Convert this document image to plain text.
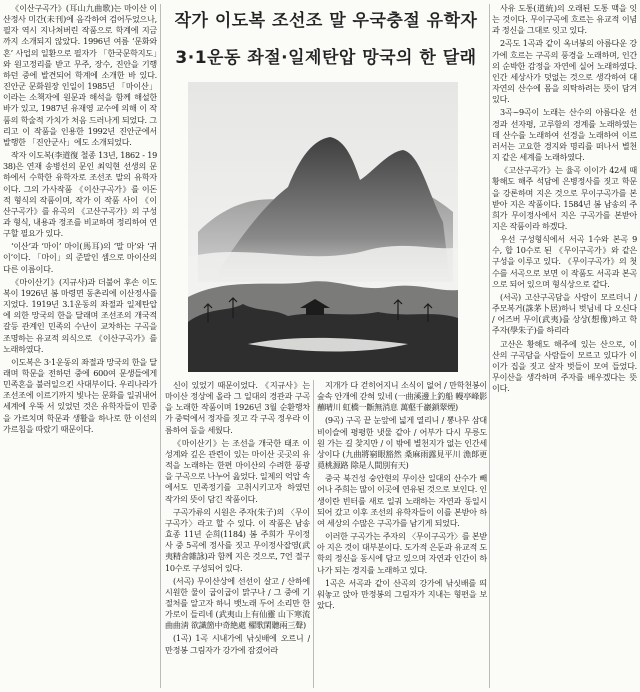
작가 이도복 조선조 말 우국충절 유학자
3·1운동 좌절·일제탄압 망국의 한 달래

《이산구곡가》(耳山九曲歌)는 마이산 이산정사 미간(未刊)에 음각하여 검어두었으나, 필자 역시 지나쳐버린 작품으로 학계에 지금까지 소개되지 않았다. 1996년 여름 ‘문화와 혼’ 사업의 일환으로 필자가 「한국문학지도」와 원고정리를 받고 무주, 장수, 진안을 기행하던 중에 발견되어 학계에 소개한 바 있다. 진안군 문화원장 인일이 1985년 「마이산」이라는 소책자에 원문과 해석을 함께 해설한 바가 있고, 1987년 유재영 교수에 의해 이 작품의 학술적 가치가 처음 드러나게 되었다. 그리고 이 작품을 인용한 1992년 진안군에서 발행한 「진안군사」에도 소개되었다.

작자 이도복(李道復 철종 13년, 1862 - 1938)은 연재 송병선의 문인 최익현 선생의 문하에서 수학한 유학자로 조선조 말의 유학자이다. 그의 가사작품 《이산구곡가》를 이돈적 형식의 작품이며, 작가 이 작품 사이 《이산구곡가》를 유곡의 《고산구곡가》의 구성과 형식, 내용과 정조를 비교하며 정리하여 연구할 필요가 있다.

‘이산’과 ‘마이’ 마이(馬耳)의 ‘말 마’와 ‘귀 이’이다. 「마이」의 준말인 셈으로 마이산의 다른 이름이다.

《마이산기》(지규사)과 더불어 후손 이도복이 1926년 봄 마령면 동촌리에 이산정사를 지었다. 1919년 3.1운동의 좌절과 일제탄압에 의한 망국의 한을 달래며 조선조의 개국적 갈등 관계인 민족의 수난이 교차하는 구곡을 조명하는 유교적 의식으로 《이산구곡가》를 노래하였다.

이도복은 3·1운동의 좌절과 망국의 한을 달래며 학문을 전하던 중에 600여 문생들에게 민족혼을 불러일으킨 사대부이다. 우리나라가 조선조에 이르기까지 빛나는 문화를 일궈내어 세계에 우뚝 서 있었던 것은 유학자들이 민중을 가르치며 학문과 생활을 하나로 한 이선의 가르침을 따랐기 때문이다.

신이 있었기 때문이었다. 《지규사》는 마이산 정상에 올라 그 일대의 경관과 구곡을 노래한 작품이며 1926년 3월 순환행차가 중턱에서 정자를 짓고 각 구곡 정우라 이름하여 돌을 세웠다.

《마이산기》는 조선을 개국한 태조 이성계와 깊은 관련이 있는 마이산 곳곳의 유적을 노래하는 한편 마이산의 수려한 풍광을 구곡으로 나누어 읊었다. 일제의 억압 속에서도 민족정기를 고취시키고자 하였던 작가의 뜻이 담긴 작품이다.

구곡가류의 시원은 주자(朱子)의 〈무이구곡가〉라고 할 수 있다. 이 작품은 남송 효종 11년 순희(1184) 봄 주희가 무이정사 중 5곡에 정사를 짓고 무이정사잡영(武夷精舍雜詠)과 함께 지은 것으로, 7언 절구 10수로 구성되어 있다.

(서곡) 무이산상에 선선이 살고 / 산하에 시원한 물이 굽이굽이 맑구나 / 그 중에 기절처를 알고자 하니 뱃노래 두어 소리만 한가로이 들리네 (武夷山上有仙靈 山下寒流曲曲淸 欲識箇中奇絶處 櫂歌閑聽兩三聲)

(1곡) 1곡 시내가에 낚싯배에 오르니 / 만정봉 그림자가 강가에 잠겼어라

지개가 다 걷히어지니 소식이 없어 / 만학천봉이 숲속 안개에 갇혀 있네 (一曲溪邊上釣船 幔亭峰影蘸晴川 虹橋一斷無消息 萬壑千巖鎖翠煙)

(9곡) 구곡 끝 눈앞에 넓게 열리니 / 뽕나무 삼대 비이슬에 평평한 냇물 같아 / 어부가 다시 무릉도원 가는 길 찾지만 / 이 밖에 별천지가 없는 인간세상이다 (九曲將窮眼豁然 桑麻雨露見平川 漁郞更覓桃源路 除是人間別有天)

중국 북건성 숭안현의 무이산 일대의 산수가 빼어나 주희는 많이 이곳에 연유된 것으로 보인다. 인생이란 빈터를 새로 일궈 노래하는 자연과 동일시 되어 갔고 이후 조선의 유학자들이 이를 본받아 하여 세상의 수많은 구곡가를 남기게 되었다.

이러한 구곡가는 주자의 〈무이구곡가〉를 본받아 지은 것이 대부분이다. 도가적 은둔과 유교적 도학의 정신을 동시에 담고 있으며 자연과 인간이 하나가 되는 경지를 노래하고 있다.

1곡은 서곡과 같이 산곡의 강가에 낚싯배를 띄워놓고 앉아 만정봉의 그림자가 지내는 형편을 보았다.

사유 도통(道統)의 오래된 도통 맥을 잇는 것이다. 무이구곡에 흐르는 유교적 이념과 정신을 그대로 잇고 있다.

2곡도 1곡과 같이 옥녀봉의 아름다운 강가에 흐르는 구곡의 풍경을 노래하며, 인간의 순박한 감정을 자연에 실어 노래하였다. 인간 세상사가 덧없는 것으로 생각하여 대자연의 산수에 몸을 의탁하려는 뜻이 담겨 있다.

3곡~9곡이 노래는 산수의 아름다운 선경과 선자평, 고루함의 경계를 노래하였는데 산수를 노래하여 선경을 노래하여 이르러서는 고요한 경지와 명리를 떠나서 별천지 같은 세계를 노래하였다.

《고산구곡가》는 율곡 이이가 42세 때 황해도 해주 석담에 은병정사를 짓고 학문을 강론하며 지은 것으로 무이구곡가를 본받아 지은 작품이다. 1584년 봄 남송의 주희가 무이정사에서 지은 구곡가를 본받아 지은 작품이라 하겠다.

우선 구성형식에서 서곡 1수와 본곡 9수, 합 10수로 된 《무이구곡가》와 같은 구성을 이루고 있다. 《무이구곡가》의 첫 수를 서곡으로 보면 이 작품도 서곡과 본곡으로 되어 있으며 형식상으로 같다.

(서곡) 고산구곡담을 사람이 모르더니 / 주모복거(誅茅卜居)하니 벗님네 다 오신다 / 어즈버 무이(武夷)를 상상(想像)하고 학주자(學朱子)를 하리라

고산은 황해도 해주에 있는 산으로, 이 산의 구곡담을 사람들이 모르고 있다가 이이가 집을 짓고 살자 벗들이 모여 들었다. 무이산을 생각하며 주자를 배우겠다는 뜻이다.
